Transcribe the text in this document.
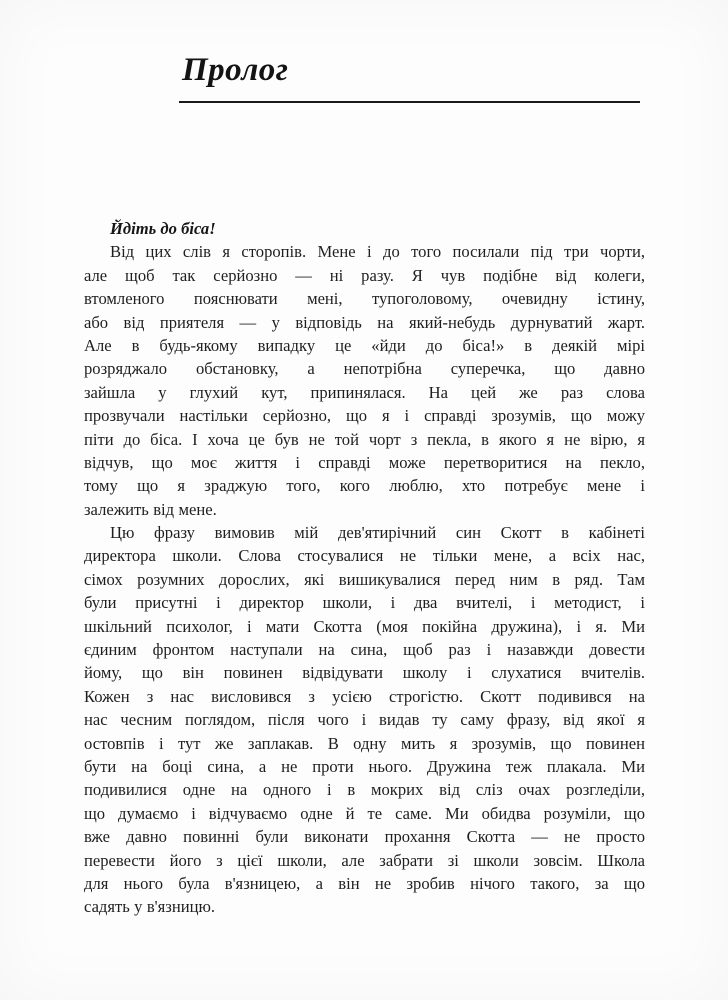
Пролог
Йдіть до біса!
Від цих слів я сторопів. Мене і до того посилали під три чорти,
але щоб так серйозно — ні разу. Я чув подібне від колеги,
втомленого пояснювати мені, тупоголовому, очевидну істину,
або від приятеля — у відповідь на який-небудь дурнуватий жарт.
Але в будь-якому випадку це «йди до біса!» в деякій мірі
розряджало обстановку, а непотрібна суперечка, що давно
зайшла у глухий кут, припинялася. На цей же раз слова
прозвучали настільки серйозно, що я і справді зрозумів, що можу
піти до біса. І хоча це був не той чорт з пекла, в якого я не вірю, я
відчув, що моє життя і справді може перетворитися на пекло,
тому що я зраджую того, кого люблю, хто потребує мене і
залежить від мене.
Цю фразу вимовив мій дев'ятирічний син Скотт в кабінеті
директора школи. Слова стосувалися не тільки мене, а всіх нас,
сімох розумних дорослих, які вишикувалися перед ним в ряд. Там
були присутні і директор школи, і два вчителі, і методист, і
шкільний психолог, і мати Скотта (моя покійна дружина), і я. Ми
єдиним фронтом наступали на сина, щоб раз і назавжди довести
йому, що він повинен відвідувати школу і слухатися вчителів.
Кожен з нас висловився з усією строгістю. Скотт подивився на
нас чесним поглядом, після чого і видав ту саму фразу, від якої я
остовпів і тут же заплакав. В одну мить я зрозумів, що повинен
бути на боці сина, а не проти нього. Дружина теж плакала. Ми
подивилися одне на одного і в мокрих від сліз очах розгледіли,
що думаємо і відчуваємо одне й те саме. Ми обидва розуміли, що
вже давно повинні були виконати прохання Скотта — не просто
перевести його з цієї школи, але забрати зі школи зовсім. Школа
для нього була в'язницею, а він не зробив нічого такого, за що
садять у в'язницю.
